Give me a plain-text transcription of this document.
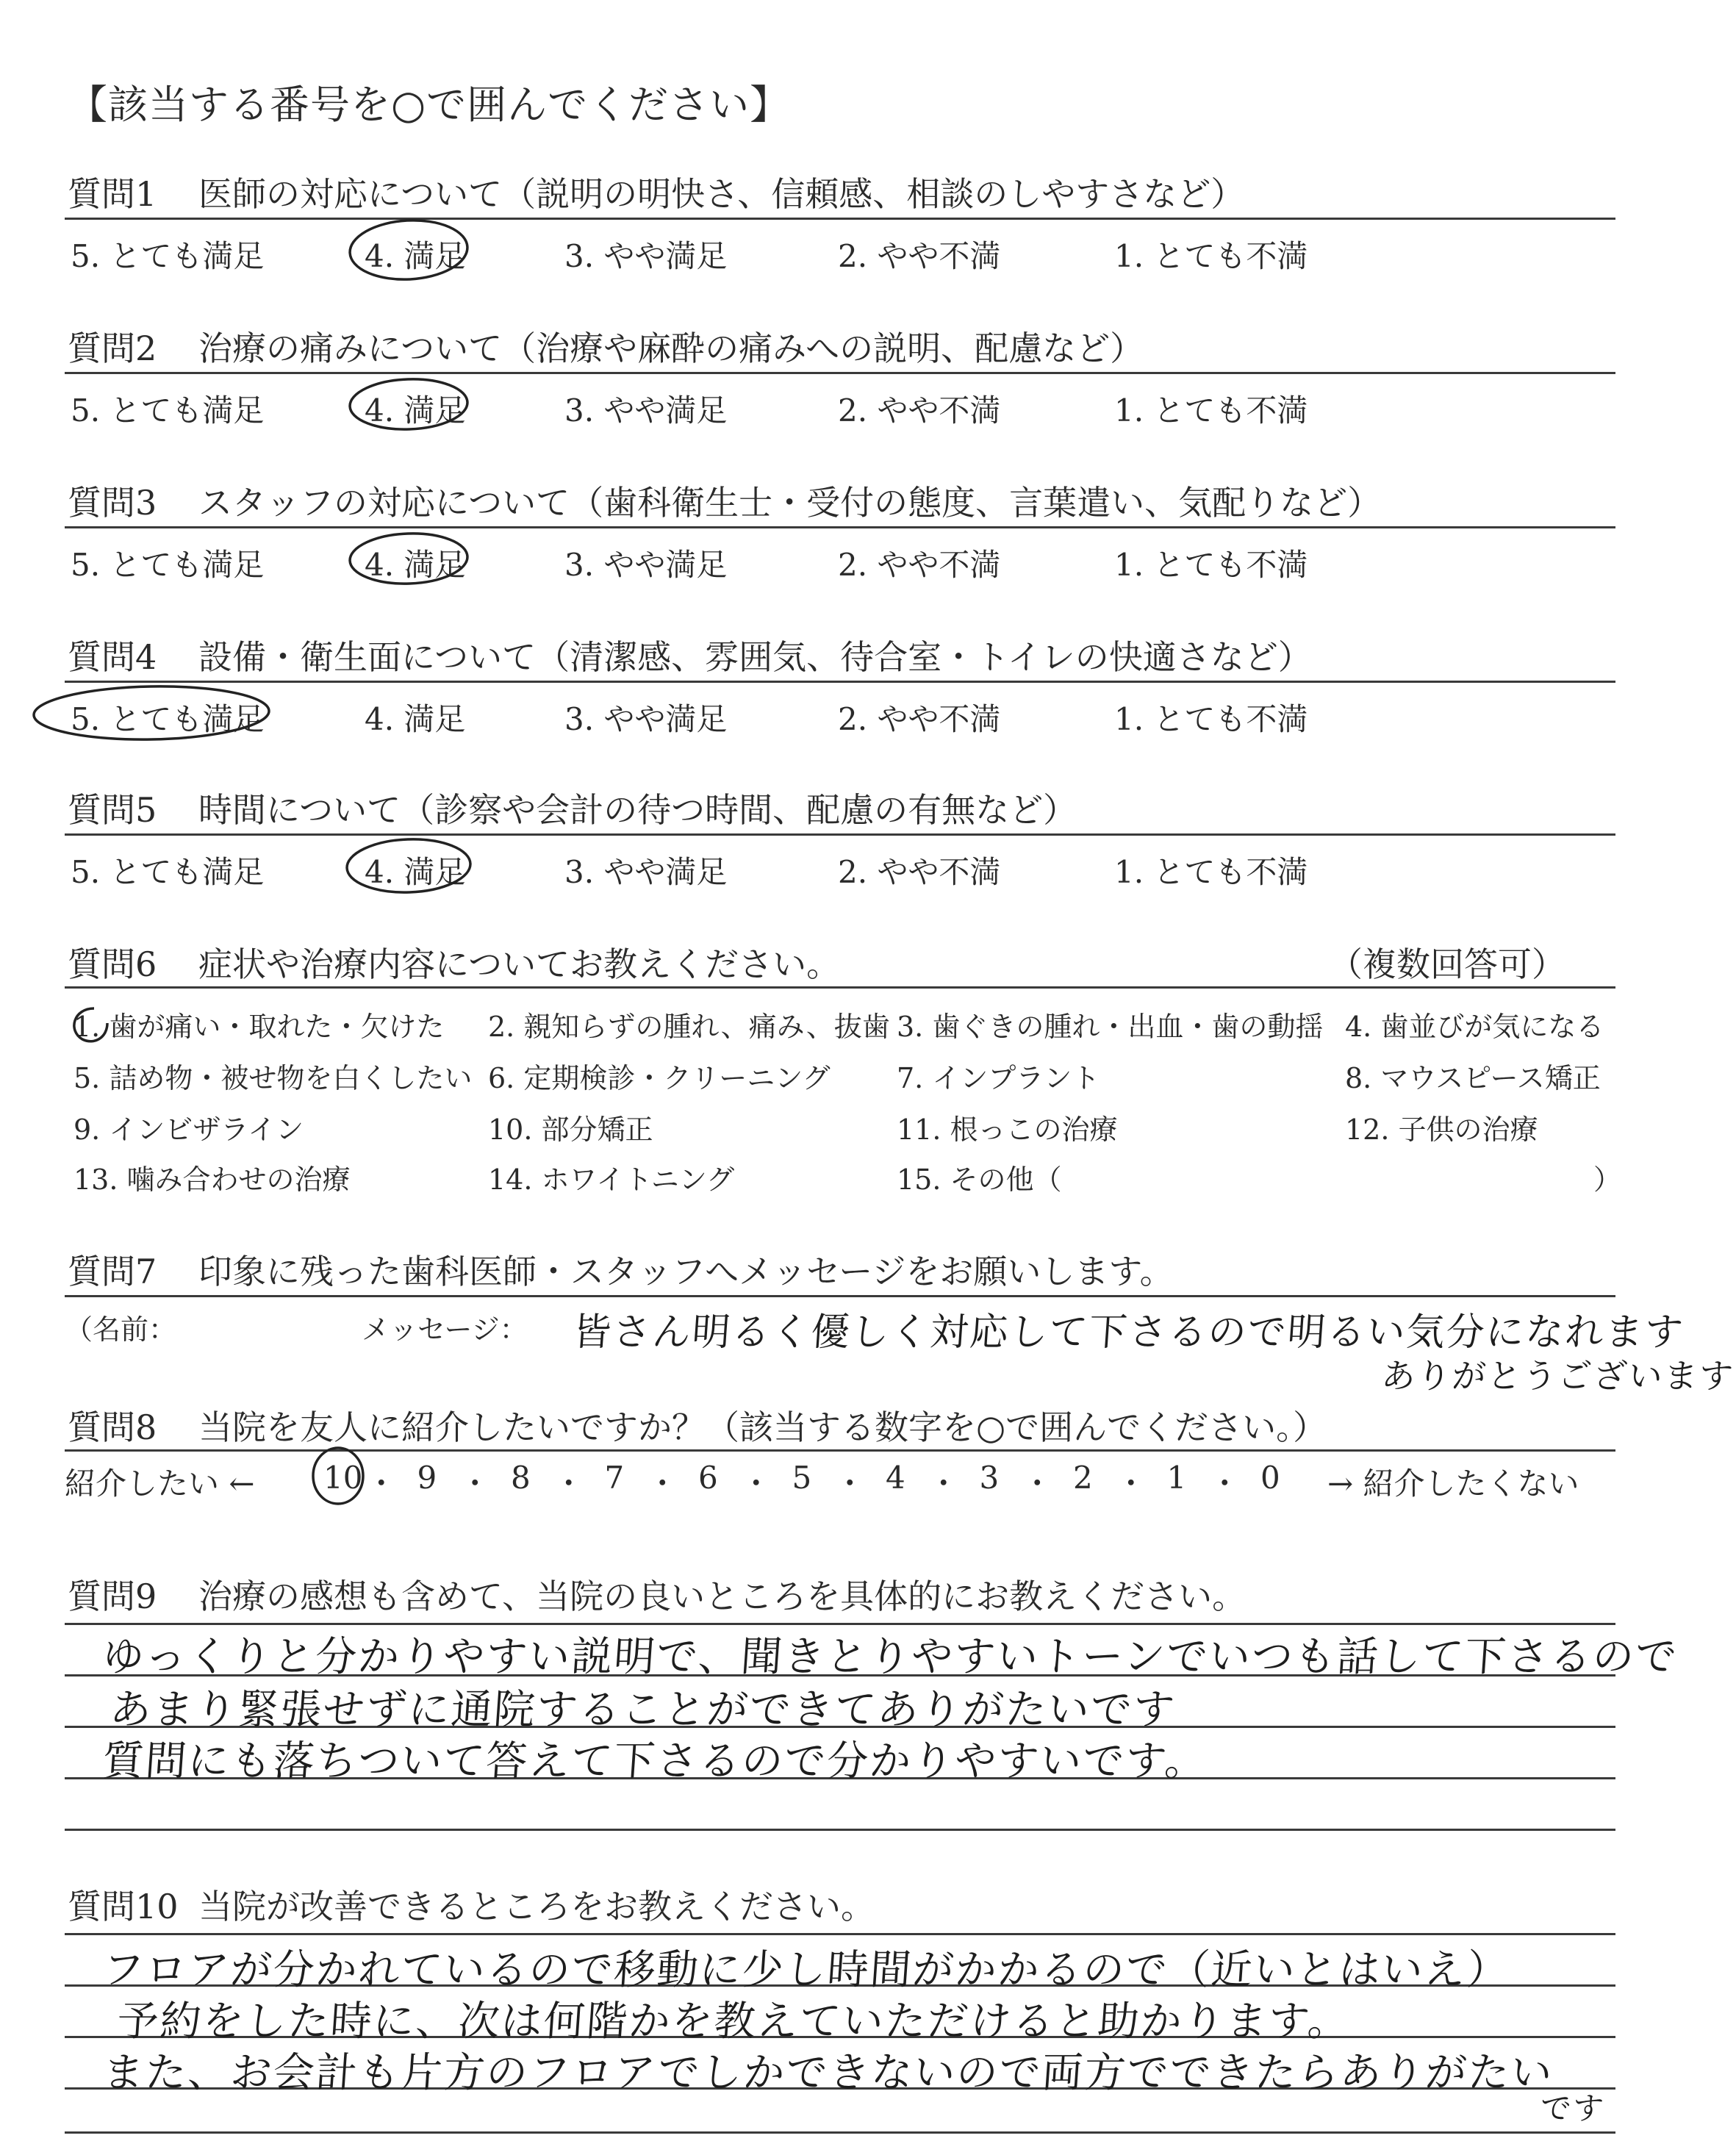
【該当する番号を○で囲んでください】
質問1 医師の対応について（説明の明快さ、信頼感、相談のしやすさなど）
5. とても満足	4. 満足	3. やや満足	2. やや不満	1. とても不満
質問2 治療の痛みについて（治療や麻酔の痛みへの説明、配慮など）
5. とても満足	4. 満足	3. やや満足	2. やや不満	1. とても不満
質問3 スタッフの対応について（歯科衛生士・受付の態度、言葉遣い、気配りなど）
5. とても満足	4. 満足	3. やや満足	2. やや不満	1. とても不満
質問4 設備・衛生面について（清潔感、雰囲気、待合室・トイレの快適さなど）
5. とても満足	4. 満足	3. やや満足	2. やや不満	1. とても不満
質問5 時間について（診察や会計の待つ時間、配慮の有無など）
5. とても満足	4. 満足	3. やや満足	2. やや不満	1. とても不満
質問6 症状や治療内容についてお教えください。	（複数回答可）
1. 歯が痛い・取れた・欠けた 2. 親知らずの腫れ、痛み、抜歯 3. 歯ぐきの腫れ・出血・歯の動揺 4. 歯並びが気になる
5. 詰め物・被せ物を白くしたい 6. 定期検診・クリーニング 7. インプラント	8. マウスピース矯正
9. インビザライン	10. 部分矯正	11. 根っこの治療	12. 子供の治療
13. 噛み合わせの治療	14. ホワイトニング	15. その他（	）
質問7 印象に残った歯科医師・スタッフへメッセージをお願いします。
（名前：	メッセージ： 皆さん明るく優しく対応して下さるので明るい気分になれます
ありがとうございます
質問8 当院を友人に紹介したいですか？（該当する数字を○で囲んでください。）
紹介したい ←	→ 紹介したくない
10 ・ 9 ・ 8 ・ 7 ・ 6 ・ 5 ・ 4 ・ 3 ・ 2 ・ 1 ・ 0
質問9 治療の感想も含めて、当院の良いところを具体的にお教えください。
ゆっくりと分かりやすい説明で、聞きとりやすいトーンでいつも話して下さるので
あまり緊張せずに通院することができてありがたいです
質問にも落ちついて答えて下さるので分かりやすいです。
質問10 当院が改善できるところをお教えください。
フロアが分かれているので移動に少し時間がかかるので（近いとはいえ）
予約をした時に、次は何階かを教えていただけると助かります。
また、お会計も片方のフロアでしかできないので両方でできたらありがたい
です
